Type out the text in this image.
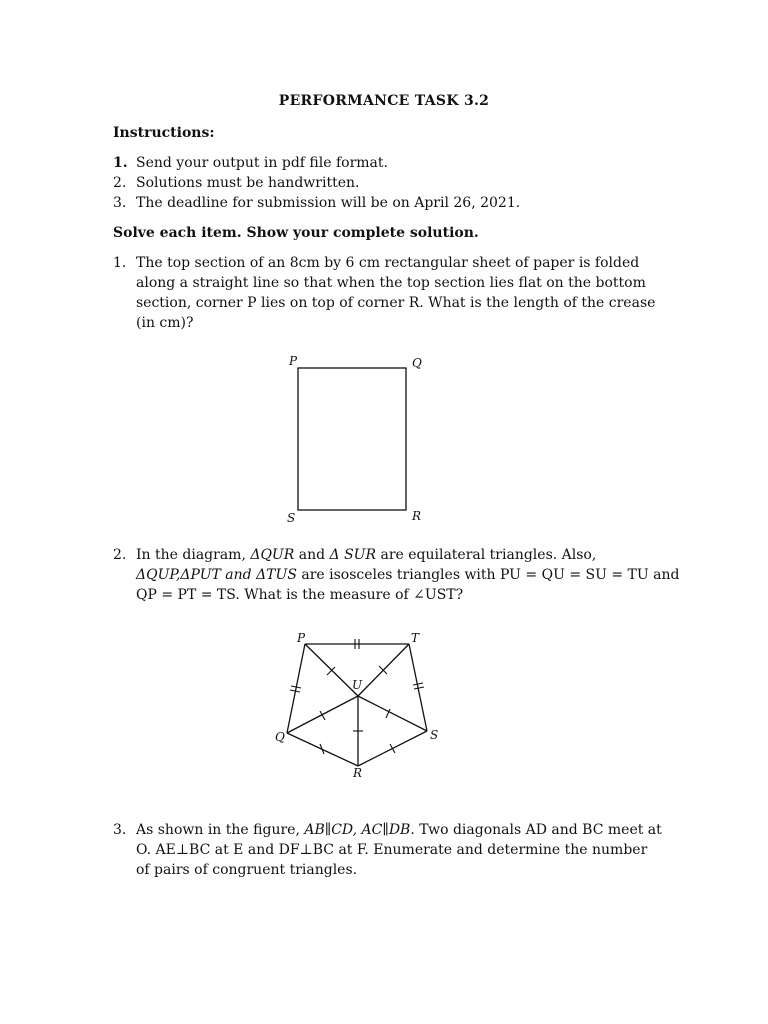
PERFORMANCE TASK 3.2
Instructions:
1. Send your output in pdf file format.
2. Solutions must be handwritten.
3. The deadline for submission will be on April 26, 2021.
Solve each item. Show your complete solution.
1. The top section of an 8cm by 6 cm rectangular sheet of paper is folded
along a straight line so that when the top section lies flat on the bottom
section, corner P lies on top of corner R. What is the length of the crease
(in cm)?
P	Q
S	R
2. In the diagram, ΔQUR and Δ SUR are equilateral triangles. Also,
ΔQUP,ΔPUT and ΔTUS are isosceles triangles with PU = QU = SU = TU and
QP = PT = TS. What is the measure of ∠UST?
P	T
U
Q	S
R
3. As shown in the figure, AB∥CD, AC∥DB. Two diagonals AD and BC meet at
O. AE⊥BC at E and DF⊥BC at F. Enumerate and determine the number
of pairs of congruent triangles.
